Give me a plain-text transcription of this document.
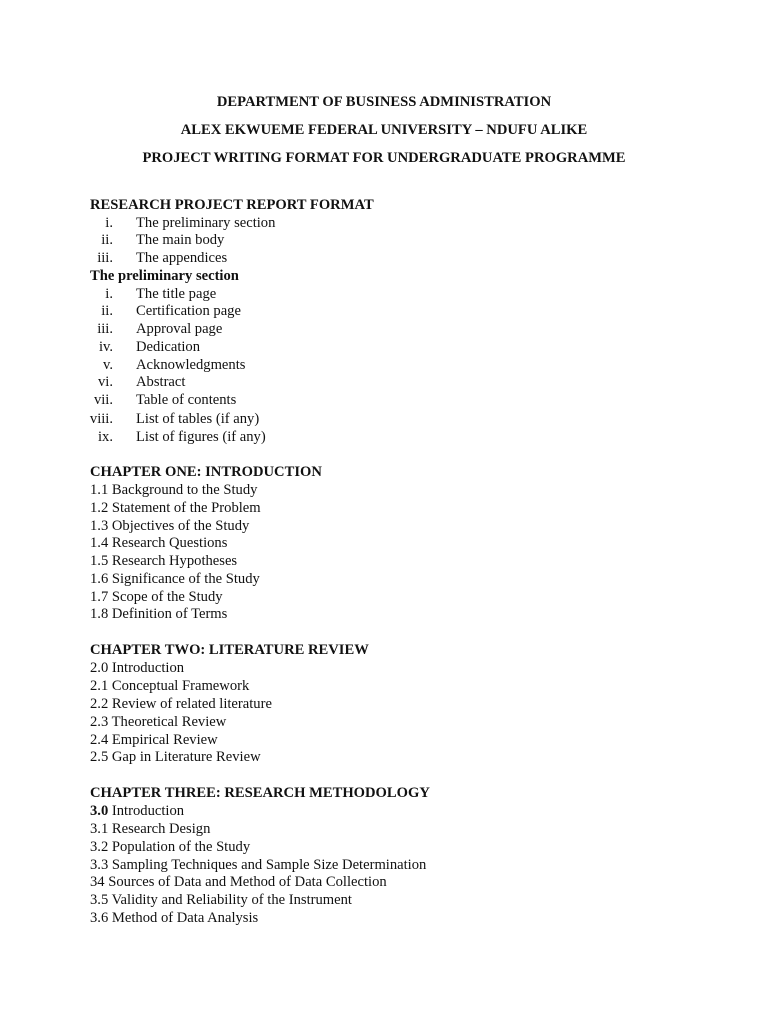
DEPARTMENT OF BUSINESS ADMINISTRATION
ALEX EKWUEME FEDERAL UNIVERSITY – NDUFU ALIKE
PROJECT WRITING FORMAT FOR UNDERGRADUATE PROGRAMME
RESEARCH PROJECT REPORT FORMAT
i. The preliminary section
ii. The main body
iii. The appendices
The preliminary section
i. The title page
ii. Certification page
iii. Approval page
iv. Dedication
v. Acknowledgments
vi. Abstract
vii. Table of contents
viii. List of tables (if any)
ix. List of figures (if any)
CHAPTER ONE: INTRODUCTION
1.1 Background to the Study
1.2 Statement of the Problem
1.3 Objectives of the Study
1.4 Research Questions
1.5 Research Hypotheses
1.6 Significance of the Study
1.7 Scope of the Study
1.8 Definition of Terms
CHAPTER TWO: LITERATURE REVIEW
2.0 Introduction
2.1 Conceptual Framework
2.2 Review of related literature
2.3 Theoretical Review
2.4 Empirical Review
2.5 Gap in Literature Review
CHAPTER THREE: RESEARCH METHODOLOGY
3.0 Introduction
3.1 Research Design
3.2 Population of the Study
3.3 Sampling Techniques and Sample Size Determination
34 Sources of Data and Method of Data Collection
3.5 Validity and Reliability of the Instrument
3.6 Method of Data Analysis
